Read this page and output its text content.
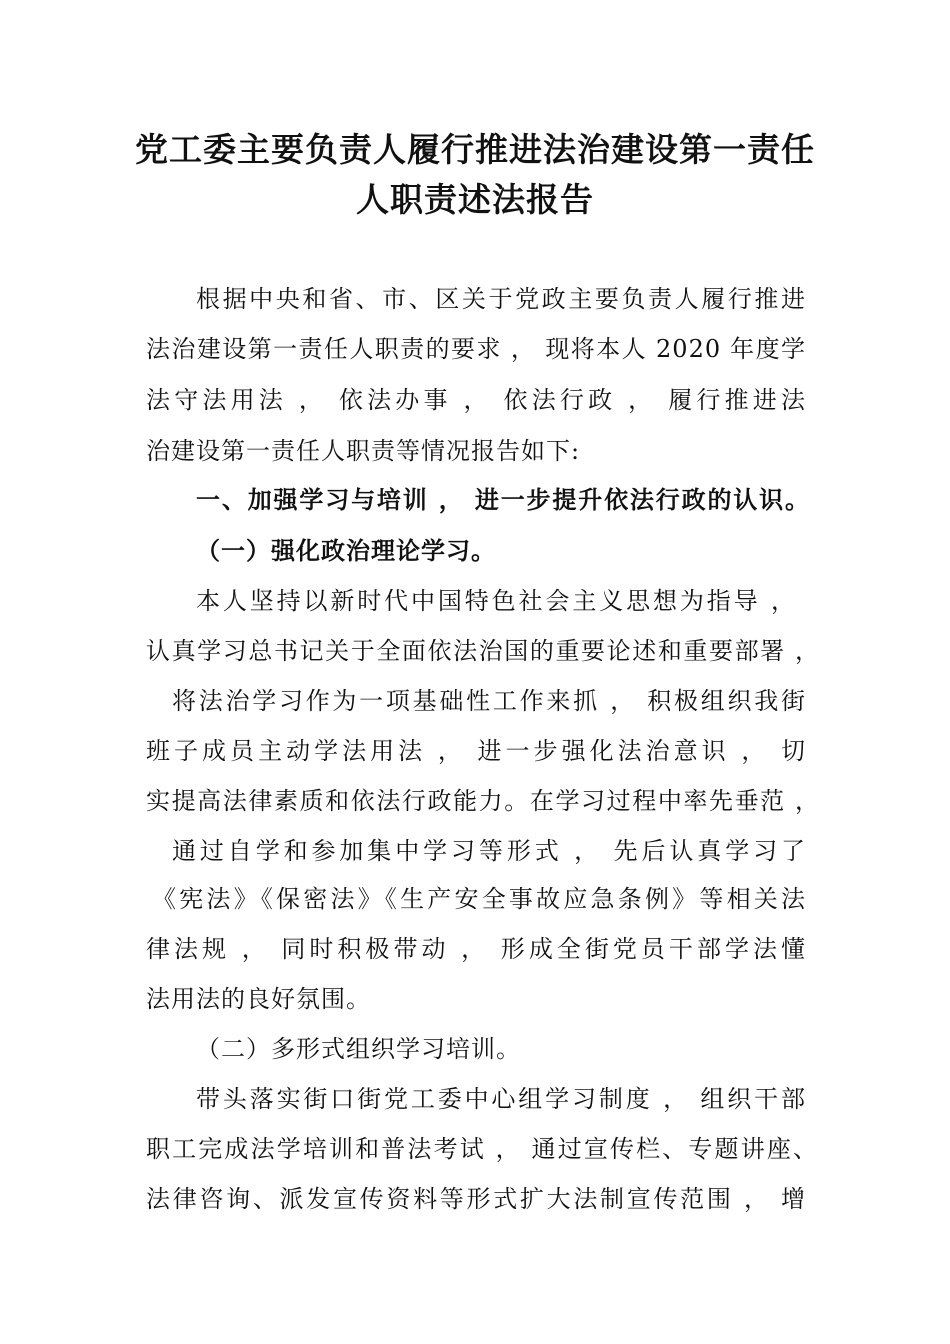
党工委主要负责人履行推进法治建设第一责任
人职责述法报告
根据中央和省、市、区关于党政主要负责人履行推进
法治建设第一责任人职责的要求 ， 现将本人 2020 年度学
法守法用法 ， 依法办事 ， 依法行政 ， 履行推进法
治建设第一责任人职责等情况报告如下:
一、加强学习与培训 ， 进一步提升依法行政的认识。
（一）强化政治理论学习。
本人坚持以新时代中国特色社会主义思想为指导 ，
认真学习总书记关于全面依法治国的重要论述和重要部署 ，
将法治学习作为一项基础性工作来抓 ， 积极组织我街
班子成员主动学法用法 ， 进一步强化法治意识 ， 切
实提高法律素质和依法行政能力。在学习过程中率先垂范 ，
通过自学和参加集中学习等形式 ， 先后认真学习了
《宪法》《保密法》《生产安全事故应急条例》等相关法
律法规 ， 同时积极带动 ， 形成全街党员干部学法懂
法用法的良好氛围。
（二）多形式组织学习培训。
带头落实街口街党工委中心组学习制度 ， 组织干部
职工完成法学培训和普法考试 ， 通过宣传栏、专题讲座、
法律咨询、派发宣传资料等形式扩大法制宣传范围 ， 增
